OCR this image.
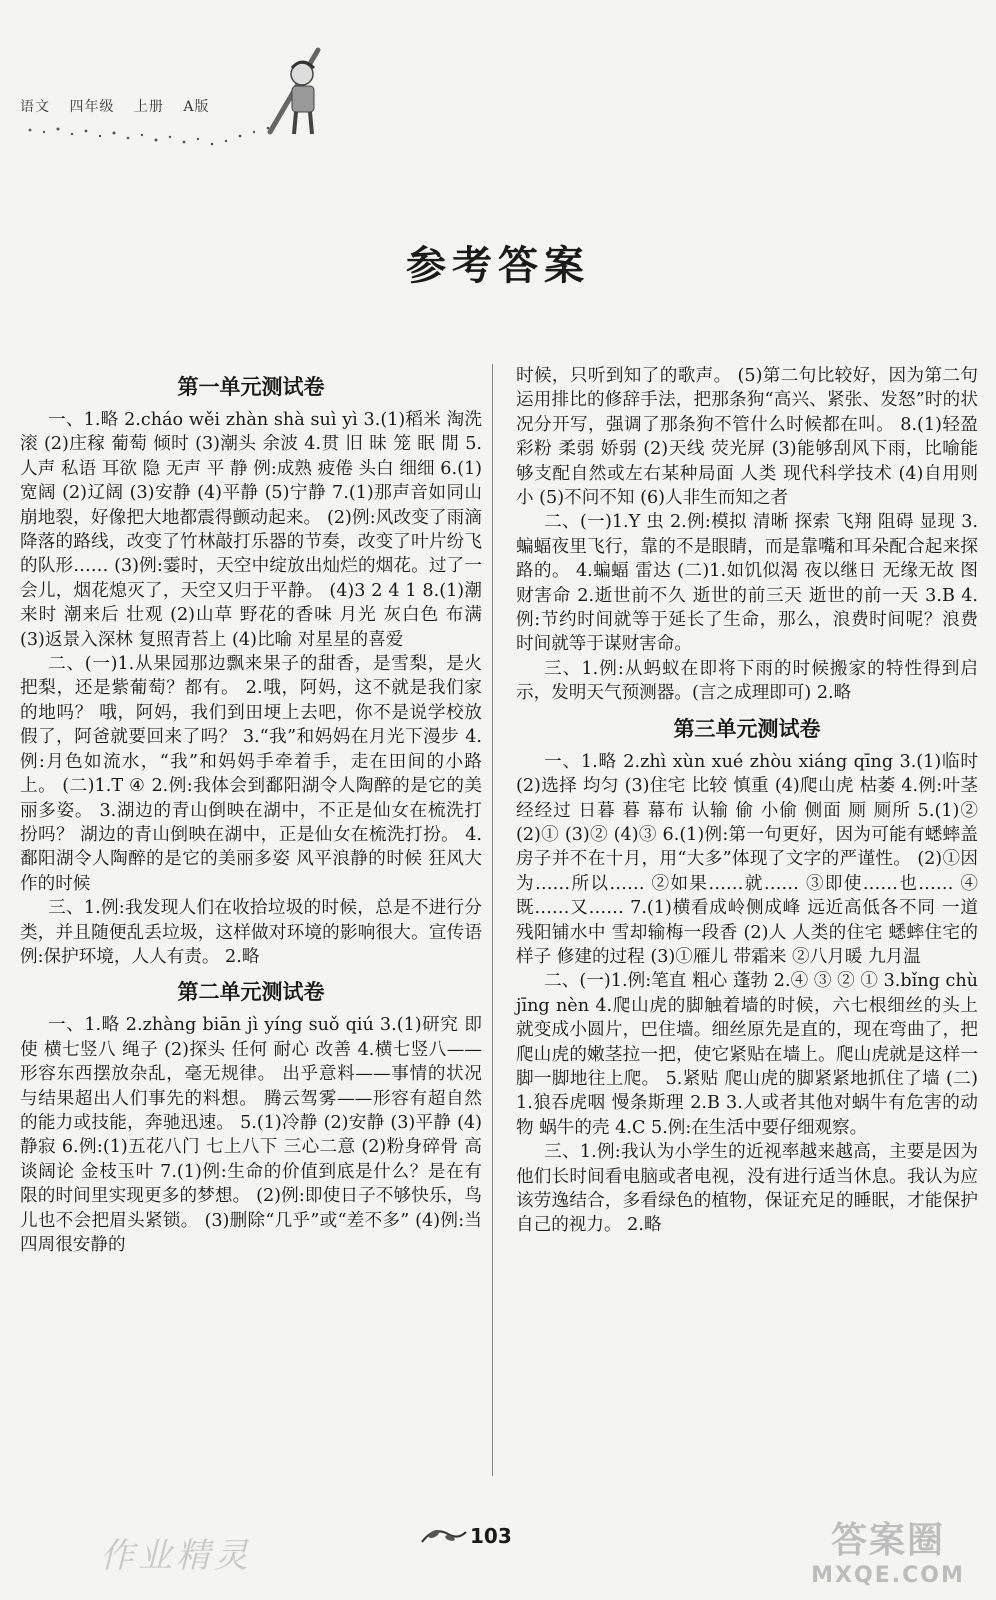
语文 四年级 上册 A版
参考答案
第一单元测试卷

一、1.略 2.cháo wěi zhàn shà suì yì 3.(1)稻米 淘洗 滚 (2)庄稼 葡萄 倾时 (3)潮头 余波 4.贯 旧 昧 笼 眠 閒 5.人声 私语 耳欲 隐 无声 平 静 例:成熟 疲倦 头白 细细 6.(1)宽阔 (2)辽阔 (3)安静 (4)平静 (5)宁静 7.(1)那声音如同山崩地裂，好像把大地都震得颤动起来。 (2)例:风改变了雨滴降落的路线，改变了竹林敲打乐器的节奏，改变了叶片纷飞的队形…… (3)例:霎时，天空中绽放出灿烂的烟花。过了一会儿，烟花熄灭了，天空又归于平静。 (4)3 2 4 1 8.(1)潮来时 潮来后 壮观 (2)山草 野花的香味 月光 灰白色 布满 (3)返景入深林 复照青苔上 (4)比喻 对星星的喜爱

二、(一)1.从果园那边飘来果子的甜香，是雪梨，是火把梨，还是紫葡萄？都有。 2.哦，阿妈，这不就是我们家的地吗？ 哦，阿妈，我们到田埂上去吧，你不是说学校放假了，阿爸就要回来了吗？ 3.“我”和妈妈在月光下漫步 4.例:月色如流水，“我”和妈妈手牵着手，走在田间的小路上。 (二)1.T ④ 2.例:我体会到鄱阳湖令人陶醉的是它的美丽多姿。 3.湖边的青山倒映在湖中，不正是仙女在梳洗打扮吗？ 湖边的青山倒映在湖中，正是仙女在梳洗打扮。 4.鄱阳湖令人陶醉的是它的美丽多姿 风平浪静的时候 狂风大作的时候

三、1.例:我发现人们在收拾垃圾的时候，总是不进行分类，并且随便乱丢垃圾，这样做对环境的影响很大。宣传语例:保护环境，人人有责。 2.略

第二单元测试卷

一、1.略 2.zhàng biān jì yíng suǒ qiú 3.(1)研究 即使 横七竖八 绳子 (2)探头 任何 耐心 改善 4.横七竖八——形容东西摆放杂乱，毫无规律。 出乎意料——事情的状况与结果超出人们事先的料想。 腾云驾雾——形容有超自然的能力或技能，奔驰迅速。 5.(1)冷静 (2)安静 (3)平静 (4)静寂 6.例:(1)五花八门 七上八下 三心二意 (2)粉身碎骨 高谈阔论 金枝玉叶 7.(1)例:生命的价值到底是什么？是在有限的时间里实现更多的梦想。 (2)例:即使日子不够快乐，鸟儿也不会把眉头紧锁。 (3)删除“几乎”或“差不多” (4)例:当四周很安静的

时候，只听到知了的歌声。 (5)第二句比较好，因为第二句运用排比的修辞手法，把那条狗“高兴、紧张、发怒”时的状况分开写，强调了那条狗不管什么时候都在叫。 8.(1)轻盈 彩粉 柔弱 娇弱 (2)天线 荧光屏 (3)能够刮风下雨，比喻能够支配自然或左右某种局面 人类 现代科学技术 (4)自用则小 (5)不问不知 (6)人非生而知之者

二、(一)1.Y 虫 2.例:模拟 清晰 探索 飞翔 阻碍 显现 3.蝙蝠夜里飞行，靠的不是眼睛，而是靠嘴和耳朵配合起来探路的。 4.蝙蝠 雷达 (二)1.如饥似渴 夜以继日 无缘无故 图财害命 2.逝世前不久 逝世的前三天 逝世的前一天 3.B 4.例:节约时间就等于延长了生命，那么，浪费时间呢？浪费时间就等于谋财害命。

三、1.例:从蚂蚁在即将下雨的时候搬家的特性得到启示，发明天气预测器。(言之成理即可) 2.略

第三单元测试卷

一、1.略 2.zhì xùn xué zhòu xiáng qīng 3.(1)临时 (2)选择 均匀 (3)住宅 比较 慎重 (4)爬山虎 枯萎 4.例:叶茎 经经过 日暮 暮 幕布 认输 偷 小偷 侧面 厕 厕所 5.(1)② (2)① (3)② (4)③ 6.(1)例:第一句更好，因为可能有蟋蟀盖房子并不在十月，用“大多”体现了文字的严谨性。 (2)①因为……所以…… ②如果……就…… ③即使……也…… ④既……又…… 7.(1)横看成岭侧成峰 远近高低各不同 一道残阳铺水中 雪却输梅一段香 (2)人 人类的住宅 蟋蟀住宅的样子 修建的过程 (3)①雁儿 带霜来 ②八月暖 九月温

二、(一)1.例:笔直 粗心 蓬勃 2.④ ③ ② ① 3.bǐng chù jīng nèn 4.爬山虎的脚触着墙的时候，六七根细丝的头上就变成小圆片，巴住墙。细丝原先是直的，现在弯曲了，把爬山虎的嫩茎拉一把，使它紧贴在墙上。爬山虎就是这样一脚一脚地往上爬。 5.紧贴 爬山虎的脚紧紧地抓住了墙 (二)1.狼吞虎咽 慢条斯理 2.B 3.人或者其他对蜗牛有危害的动物 蜗牛的壳 4.C 5.例:在生活中要仔细观察。

三、1.例:我认为小学生的近视率越来越高，主要是因为他们长时间看电脑或者电视，没有进行适当休息。我认为应该劳逸结合，多看绿色的植物，保证充足的睡眠，才能保护自己的视力。 2.略

103
作业精灵	答案圈
MXQE.COM
